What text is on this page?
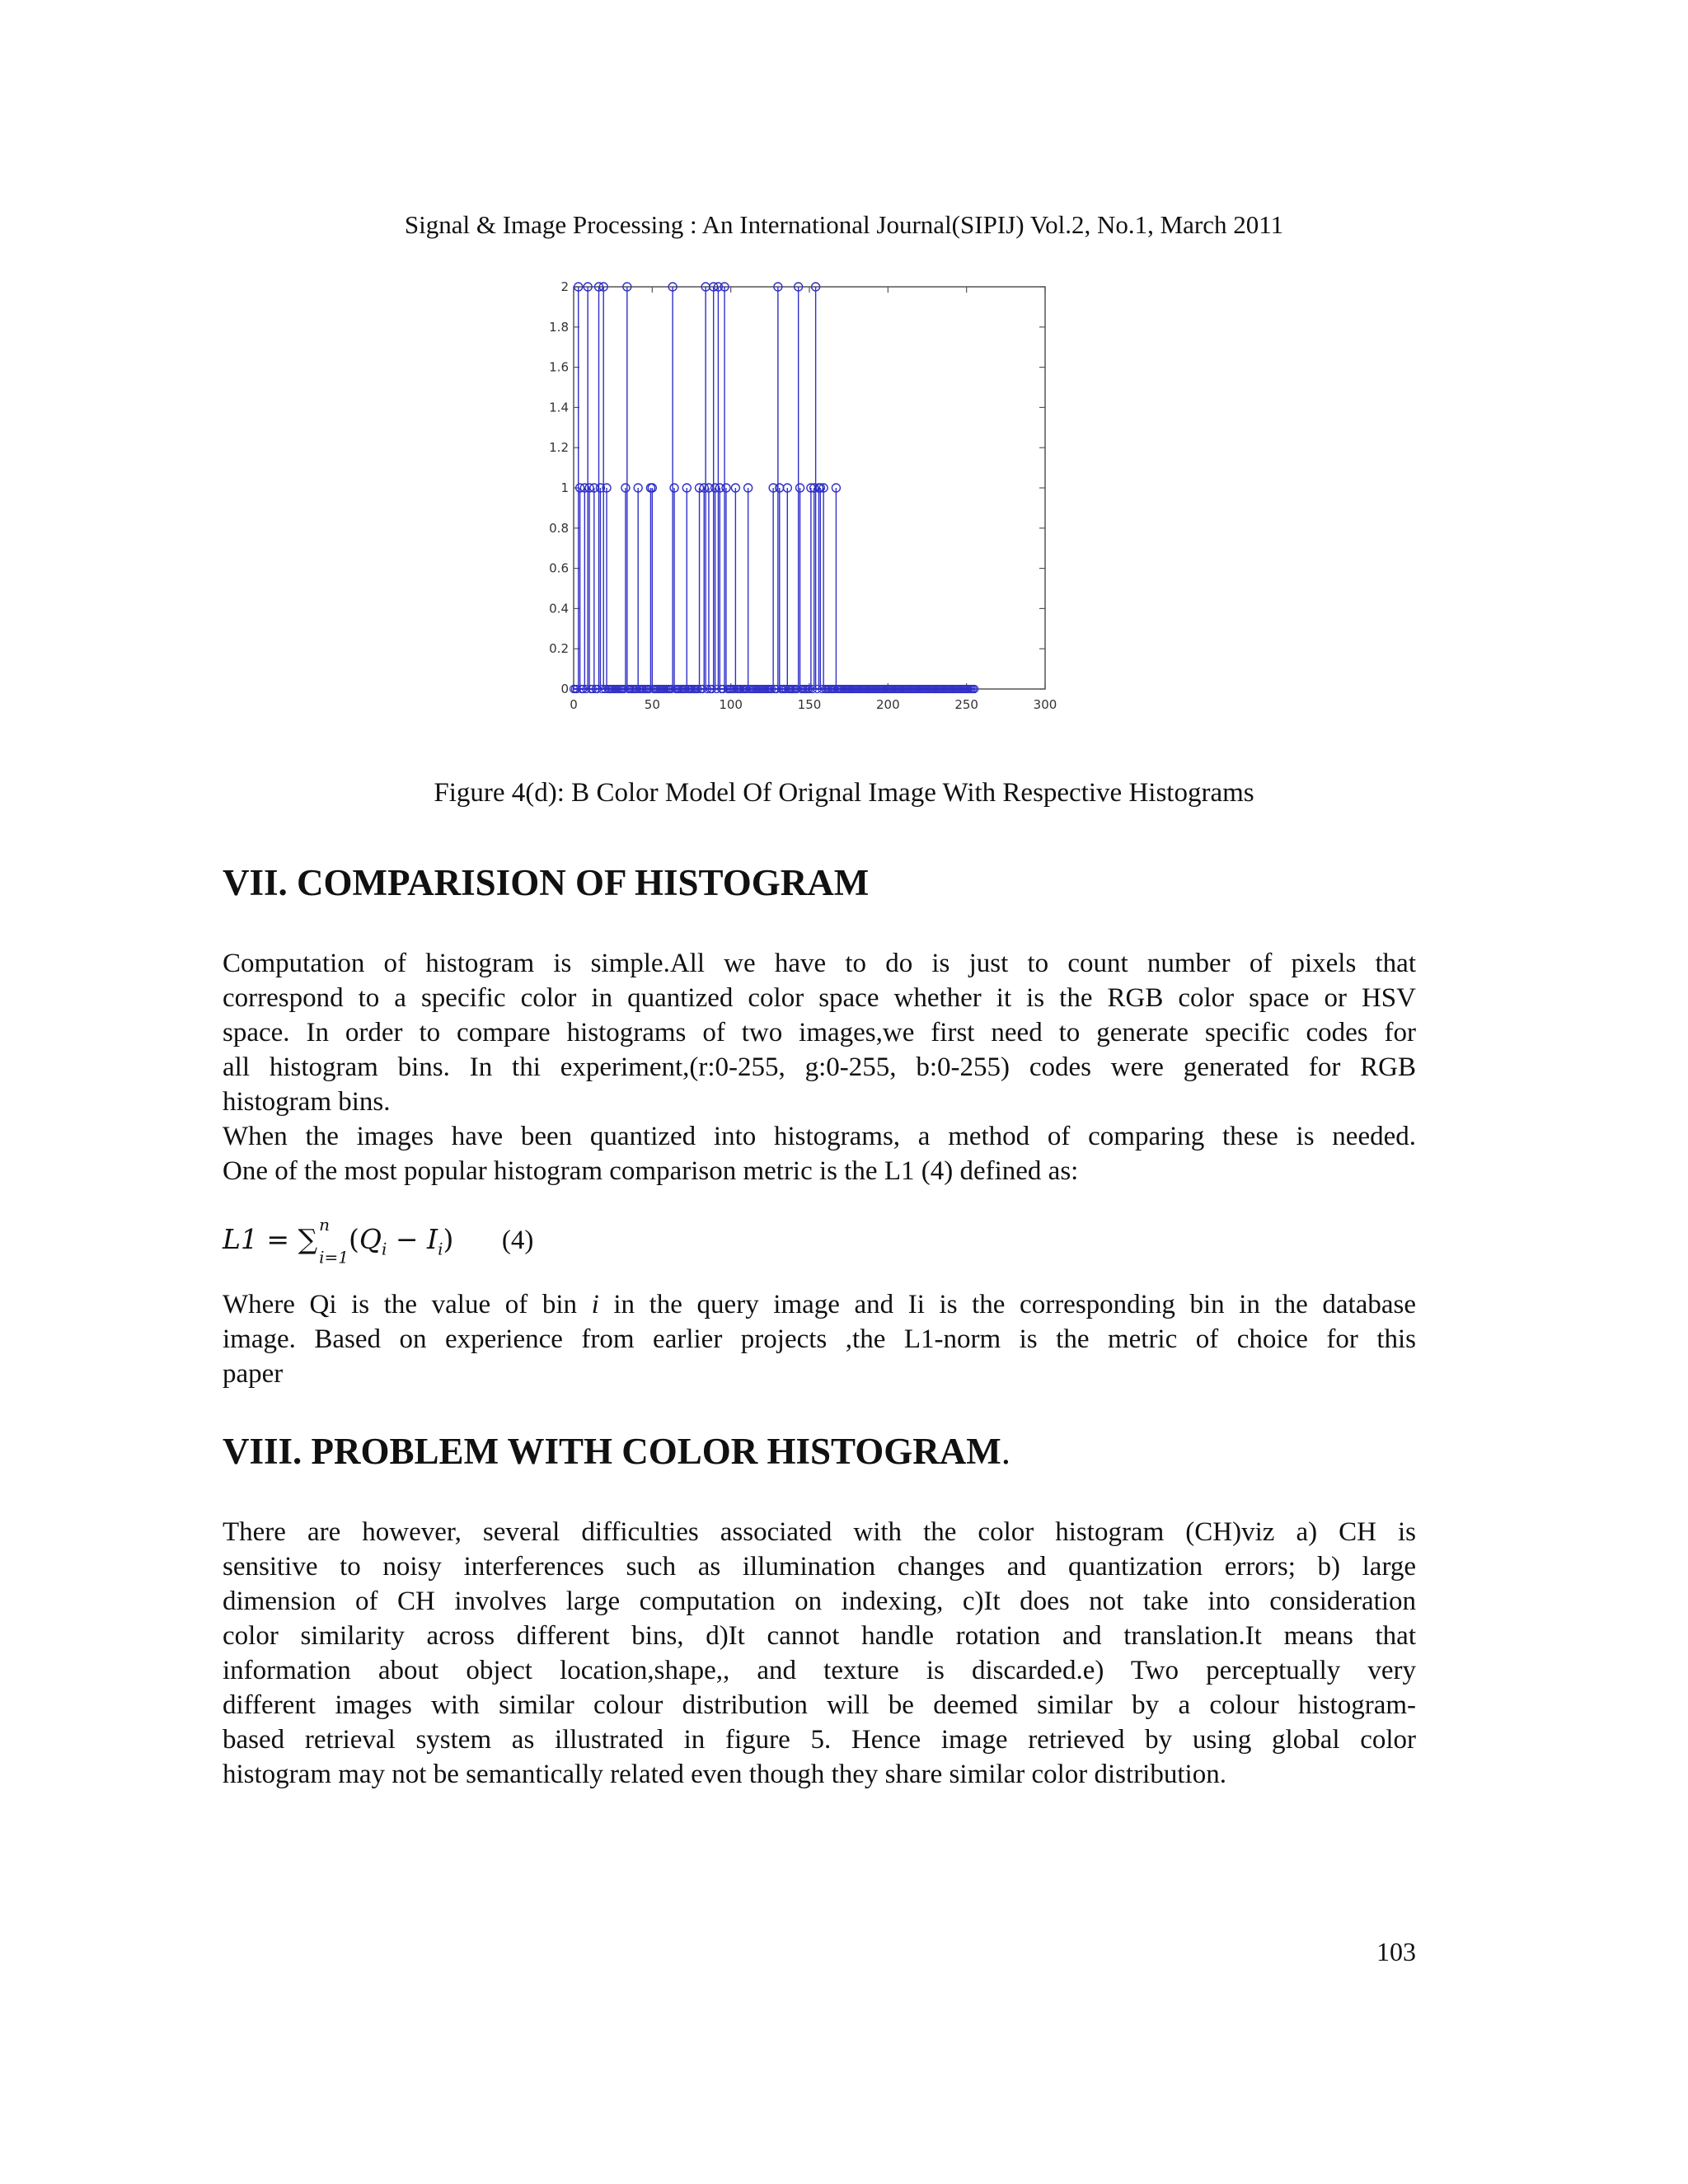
Signal & Image Processing : An International Journal(SIPIJ) Vol.2, No.1, March 2011
0	50	100	150	200	250	300
0
0.2
0.4
0.6
0.8
1
1.2
1.4
1.6
1.8
2
Figure 4(d): B Color Model Of Orignal Image With Respective Histograms
VII. COMPARISION OF HISTOGRAM
Computation of histogram is simple.All we have to do is just to count number of pixels that
correspond to a specific color in quantized color space whether it is the RGB color space or HSV
space. In order to compare histograms of two images,we first need to generate specific codes for
all histogram bins. In thi experiment,(r:0-255, g:0-255, b:0-255) codes were generated for RGB
histogram bins.
When the images have been quantized into histograms, a method of comparing these is needed.
One of the most popular histogram comparison metric is the L1 (4) defined as:
L1 = ∑ $^n$
$_{i=1}(Q_i - I_i)$ (4)
Where Qi is the value of bin i in the query image and Ii is the corresponding bin in the database
image. Based on experience from earlier projects ,the L1-norm is the metric of choice for this
paper
VIII. PROBLEM WITH COLOR HISTOGRAM.
There are however, several difficulties associated with the color histogram (CH)viz a) CH is
sensitive to noisy interferences such as illumination changes and quantization errors; b) large
dimension of CH involves large computation on indexing, c)It does not take into consideration
color similarity across different bins, d)It cannot handle rotation and translation.It means that
information about object location,shape,, and texture is discarded.e) Two perceptually very
different images with similar colour distribution will be deemed similar by a colour histogram-
based retrieval system as illustrated in figure 5. Hence image retrieved by using global color
histogram may not be semantically related even though they share similar color distribution.
103
